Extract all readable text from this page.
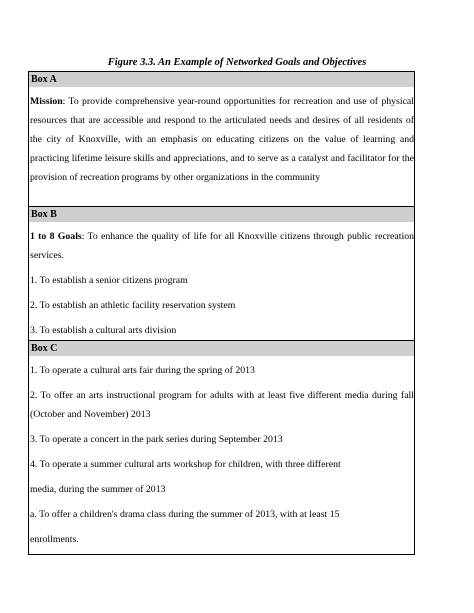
Figure 3.3. An Example of Networked Goals and Objectives
Box A

Mission: To provide comprehensive year-round opportunities for recreation and use of physical resources that are accessible and respond to the articulated needs and desires of all residents of the city of Knoxville, with an emphasis on educating citizens on the value of learning and practicing lifetime leisure skills and appreciations, and to serve as a catalyst and facilitator for the provision of recreation programs by other organizations in the community

Box B

1 to 8 Goals: To enhance the quality of life for all Knoxville citizens through public recreation services.

1. To establish a senior citizens program

2. To establish an athletic facility reservation system

3. To establish a cultural arts division

Box C

1. To operate a cultural arts fair during the spring of 2013

2. To offer an arts instructional program for adults with at least five different media during fall (October and November) 2013

3. To operate a concert in the park series during September 2013

4. To operate a summer cultural arts workshop for children, with three different

media, during the summer of 2013

a. To offer a children's drama class during the summer of 2013, with at least 15

enrollments.
